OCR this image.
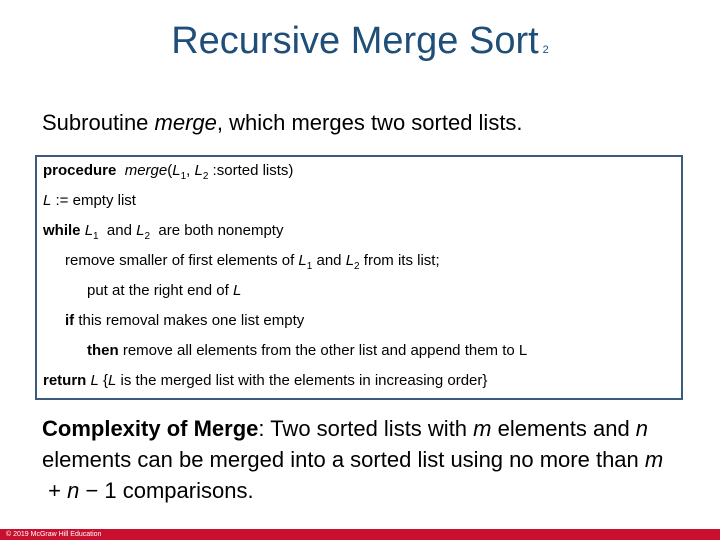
Recursive Merge Sort 2
Subroutine merge, which merges two sorted lists.
procedure $merge(L_1$, $L_2$ :sorted lists)
L := empty list
while $L_1$  and $L_2$  are both nonempty
remove smaller of first elements of $L_1$ and $L_2$ from its list;
put at the right end of L
if this removal makes one list empty
then remove all elements from the other list and append them to L
return L {L is the merged list with the elements in increasing order}
Complexity of Merge: Two sorted lists with m elements and n elements can be merged into a sorted list using no more than m + n − 1 comparisons.
© 2019 McGraw Hill Education
